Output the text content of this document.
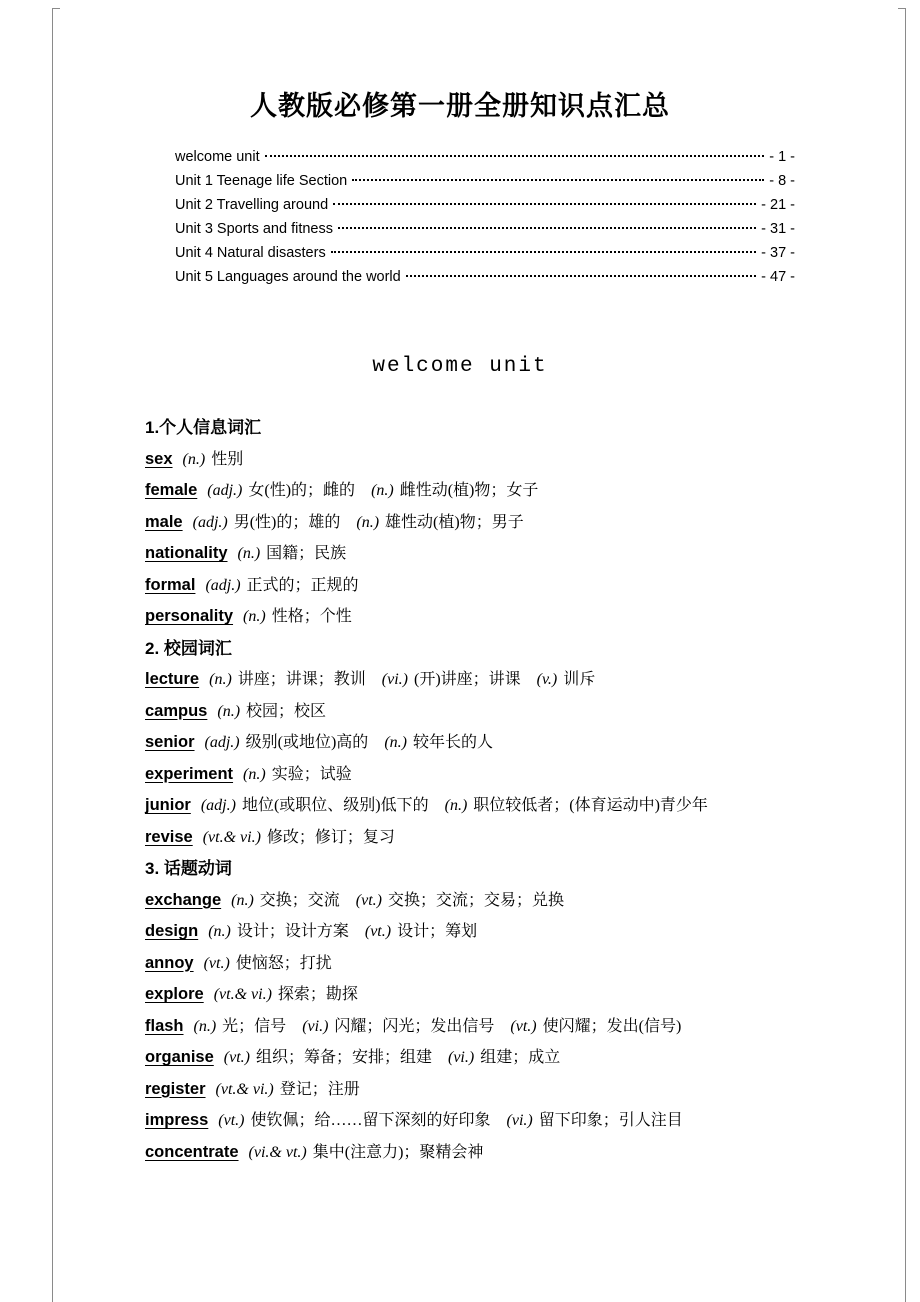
人教版必修第一册全册知识点汇总
welcome unit	- 1 -
Unit 1 Teenage life Section	- 8 -
Unit 2 Travelling around	- 21 -
Unit 3 Sports and fitness	- 31 -
Unit 4 Natural disasters	- 37 -
Unit 5 Languages around the world	- 47 -
welcome unit
1.个人信息词汇
sex (n.) 性别
female (adj.) 女(性)的；雌的 (n.) 雌性动(植)物；女子
male (adj.) 男(性)的；雄的 (n.) 雄性动(植)物；男子
nationality (n.) 国籍；民族
formal (adj.) 正式的；正规的
personality (n.) 性格；个性
2. 校园词汇
lecture (n.) 讲座；讲课；教训 (vi.) (开)讲座；讲课 (v.) 训斥
campus (n.) 校园；校区
senior (adj.) 级别(或地位)高的 (n.) 较年长的人
experiment (n.) 实验；试验
junior (adj.) 地位(或职位、级别)低下的 (n.) 职位较低者；(体育运动中)青少年
revise (vt.& vi.) 修改；修订；复习
3. 话题动词
exchange (n.) 交换；交流 (vt.) 交换；交流；交易；兑换
design (n.) 设计；设计方案 (vt.) 设计；筹划
annoy (vt.) 使恼怒；打扰
explore (vt.& vi.) 探索；勘探
flash (n.) 光；信号 (vi.) 闪耀；闪光；发出信号 (vt.) 使闪耀；发出(信号)
organise (vt.) 组织；筹备；安排；组建 (vi.) 组建；成立
register (vt.& vi.) 登记；注册
impress (vt.) 使钦佩；给……留下深刻的好印象 (vi.) 留下印象；引人注目
concentrate (vi.& vt.) 集中(注意力)；聚精会神
